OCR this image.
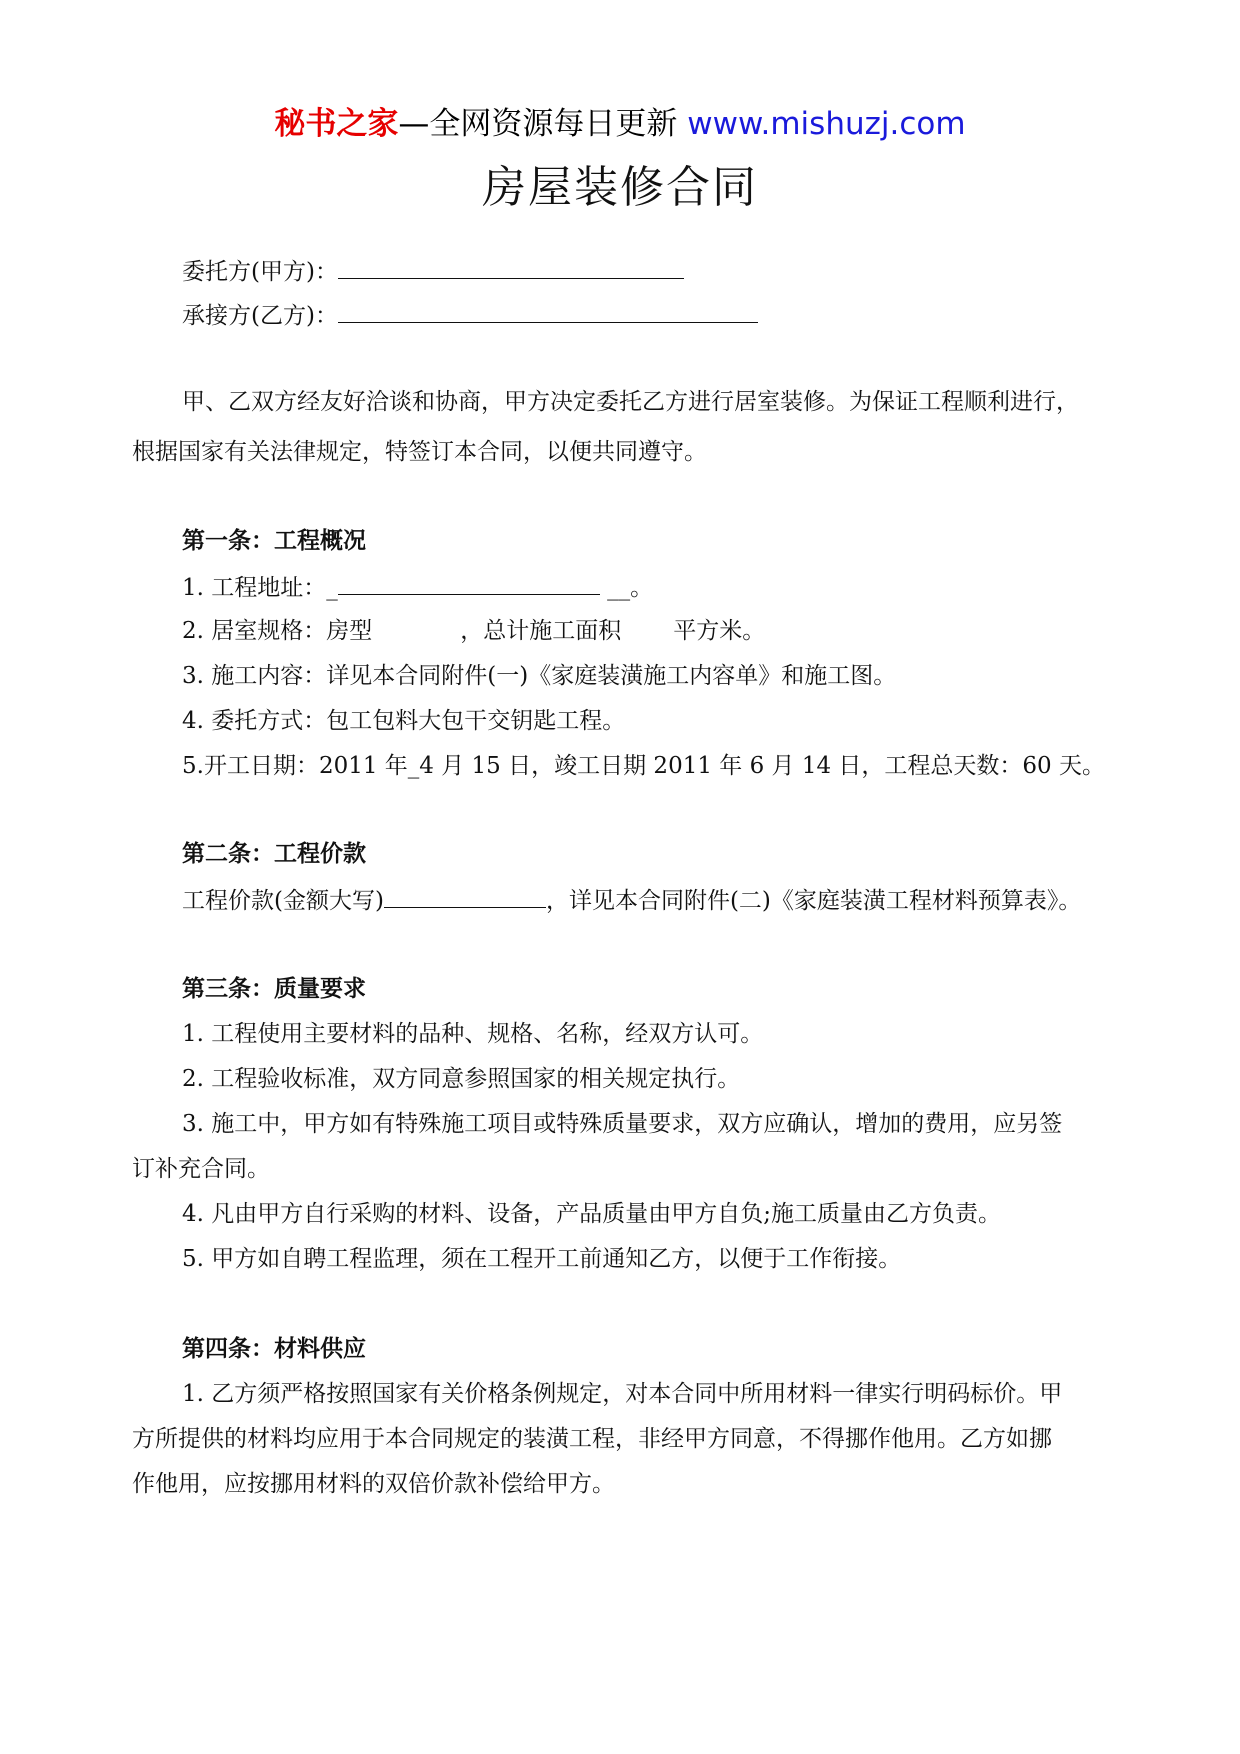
秘书之家—全网资源每日更新 www.mishuzj.com
房屋装修合同
委托方(甲方)：
承接方(乙方)：
甲、乙双方经友好洽谈和协商，甲方决定委托乙方进行居室装修。为保证工程顺利进行，
根据国家有关法律规定，特签订本合同，以便共同遵守。
第一条：工程概况
1. 工程地址：_	__。
2. 居室规格：房型	，总计施工面积 平方米。
3. 施工内容：详见本合同附件(一)《家庭装潢施工内容单》和施工图。
4. 委托方式：包工包料大包干交钥匙工程。
5.开工日期：2011 年_4 月 15 日，竣工日期 2011 年 6 月 14 日，工程总天数：60 天。
第二条：工程价款
工程价款(金额大写)	，详见本合同附件(二)《家庭装潢工程材料预算表》。
第三条：质量要求
1. 工程使用主要材料的品种、规格、名称，经双方认可。
2. 工程验收标准，双方同意参照国家的相关规定执行。
3. 施工中，甲方如有特殊施工项目或特殊质量要求，双方应确认，增加的费用，应另签
订补充合同。
4. 凡由甲方自行采购的材料、设备，产品质量由甲方自负;施工质量由乙方负责。
5. 甲方如自聘工程监理，须在工程开工前通知乙方，以便于工作衔接。
第四条：材料供应
1. 乙方须严格按照国家有关价格条例规定，对本合同中所用材料一律实行明码标价。甲
方所提供的材料均应用于本合同规定的装潢工程，非经甲方同意，不得挪作他用。乙方如挪
作他用，应按挪用材料的双倍价款补偿给甲方。
